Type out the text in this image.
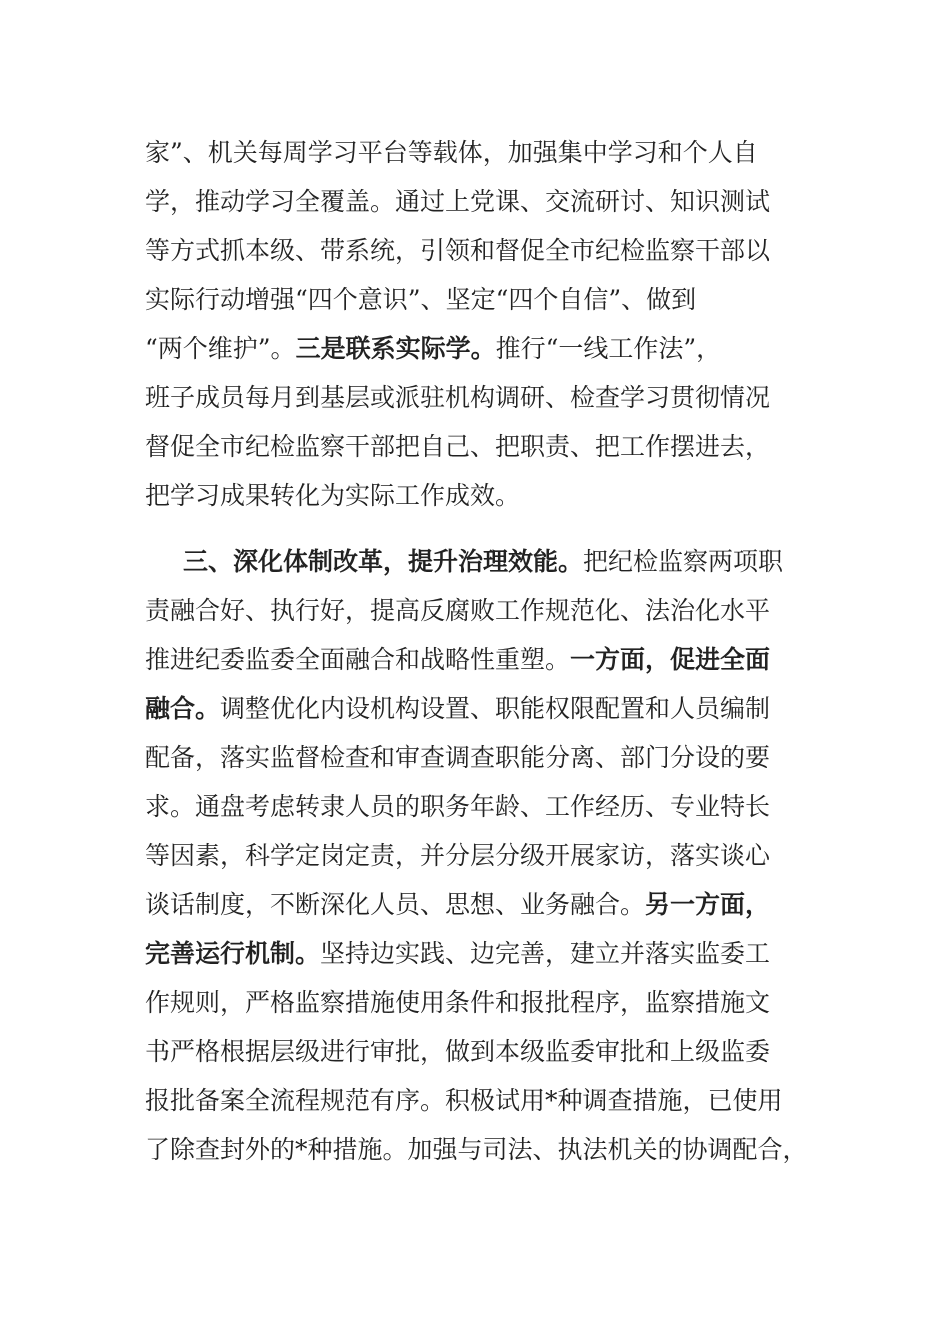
家”、机关每周学习平台等载体，加强集中学习和个人自
学，推动学习全覆盖。通过上党课、交流研讨、知识测试
等方式抓本级、带系统，引领和督促全市纪检监察干部以
实际行动增强“四个意识”、坚定“四个自信”、做到
“两个维护”。三是联系实际学。推行“一线工作法”，
班子成员每月到基层或派驻机构调研、检查学习贯彻情况
督促全市纪检监察干部把自己、把职责、把工作摆进去，
把学习成果转化为实际工作成效。
三、深化体制改革，提升治理效能。把纪检监察两项职
责融合好、执行好，提高反腐败工作规范化、法治化水平
推进纪委监委全面融合和战略性重塑。一方面，促进全面
融合。调整优化内设机构设置、职能权限配置和人员编制
配备，落实监督检查和审查调查职能分离、部门分设的要
求。通盘考虑转隶人员的职务年龄、工作经历、专业特长
等因素，科学定岗定责，并分层分级开展家访，落实谈心
谈话制度，不断深化人员、思想、业务融合。另一方面，
完善运行机制。坚持边实践、边完善，建立并落实监委工
作规则，严格监察措施使用条件和报批程序，监察措施文
书严格根据层级进行审批，做到本级监委审批和上级监委
报批备案全流程规范有序。积极试用*种调查措施，已使用
了除查封外的*种措施。加强与司法、执法机关的协调配合，
